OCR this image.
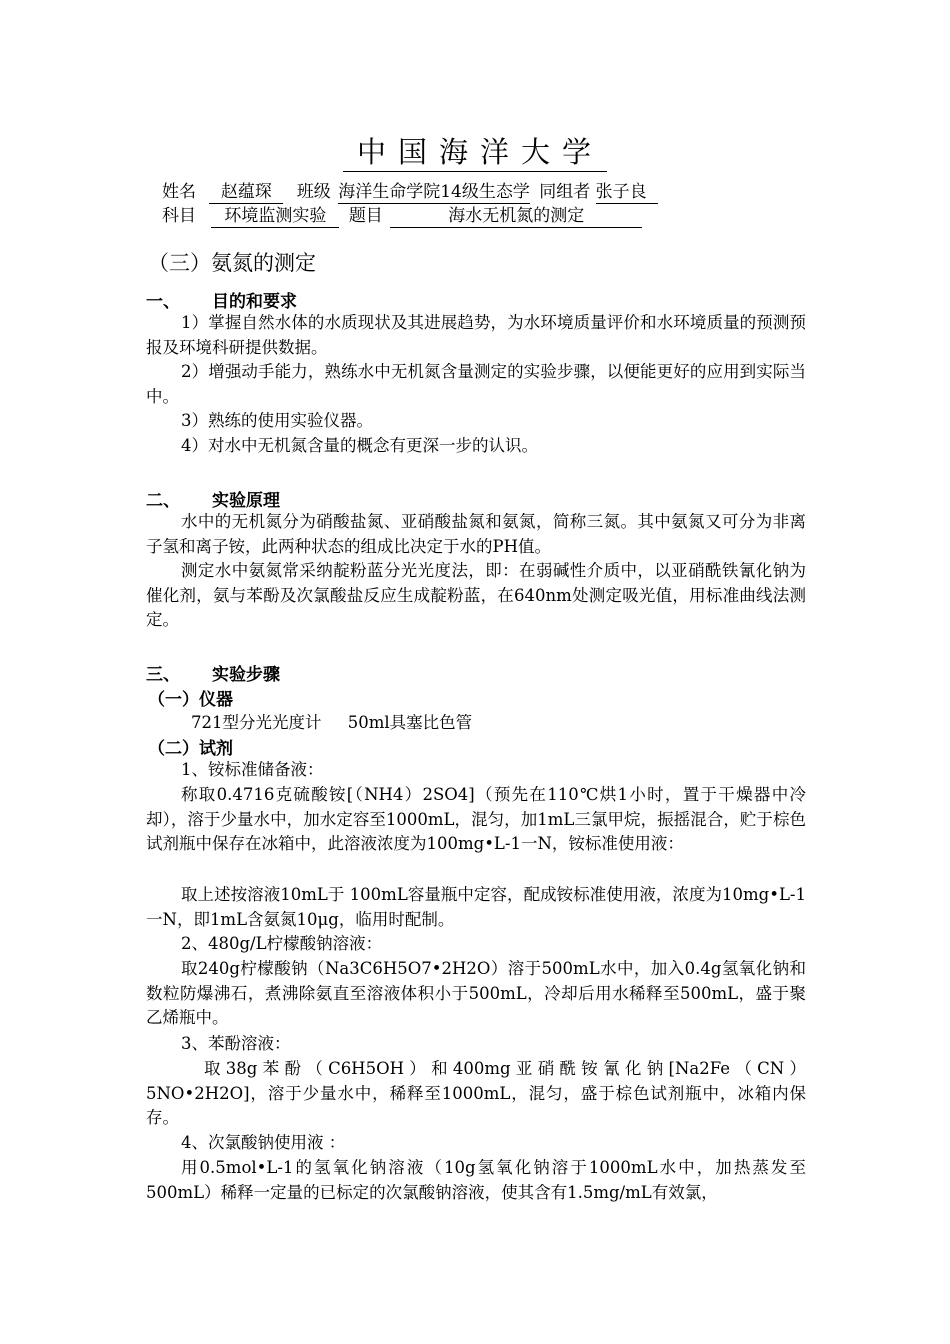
中国海洋大学
姓名 赵蕴琛 班级 海洋生命学院14级生态学 同组者 张子良
科目 环境监测实验 题目	海水无机氮的测定
（三）氨氮的测定
一、 目的和要求
1）掌握自然水体的水质现状及其进展趋势，为水环境质量评价和水环境质量的预测预报及环境科研提供数据。
2）增强动手能力，熟练水中无机氮含量测定的实验步骤，以便能更好的应用到实际当中。
3）熟练的使用实验仪器。
4）对水中无机氮含量的概念有更深一步的认识。
二、 实验原理
水中的无机氮分为硝酸盐氮、亚硝酸盐氮和氨氮，简称三氮。其中氨氮又可分为非离子氢和离子铵，此两种状态的组成比决定于水的PH值。
测定水中氨氮常采纳靛粉蓝分光光度法，即：在弱碱性介质中，以亚硝酰铁氰化钠为催化剂，氨与苯酚及次氯酸盐反应生成靛粉蓝，在640nm处测定吸光值，用标准曲线法测定。
三、 实验步骤
（一）仪器
721型分光光度计     50ml具塞比色管
（二）试剂
1、铵标准储备液：
称取0.4716克硫酸铵[（NH4）2SO4]（预先在110℃烘1小时，置于干燥器中冷却），溶于少量水中，加水定容至1000mL，混匀，加1mL三氯甲烷，振摇混合，贮于棕色试剂瓶中保存在冰箱中，此溶液浓度为100mg•L-1一N，铵标准使用液：
取上述按溶液10mL于 100mL容量瓶中定容，配成铵标准使用液，浓度为10mg•L-1一N，即1mL含氨氮10μg，临用时配制。
2、480g/L柠檬酸钠溶液：
取240g柠檬酸钠（Na3C6H5O7•2H2O）溶于500mL水中，加入0.4g氢氧化钠和数粒防爆沸石，煮沸除氨直至溶液体积小于500mL，冷却后用水稀释至500mL，盛于聚乙烯瓶中。
3、苯酚溶液：
取38g苯酚（C6H5OH）和400mg亚硝酰铵氰化钠[Na2Fe（CN）5NO•2H2O]，溶于少量水中，稀释至1000mL，混匀，盛于棕色试剂瓶中，冰箱内保存。
4、次氯酸钠使用液 ：
用0.5mol•L-1的氢氧化钠溶液（10g氢氧化钠溶于1000mL水中，加热蒸发至500mL）稀释一定量的已标定的次氯酸钠溶液，使其含有1.5mg/mL有效氯，
